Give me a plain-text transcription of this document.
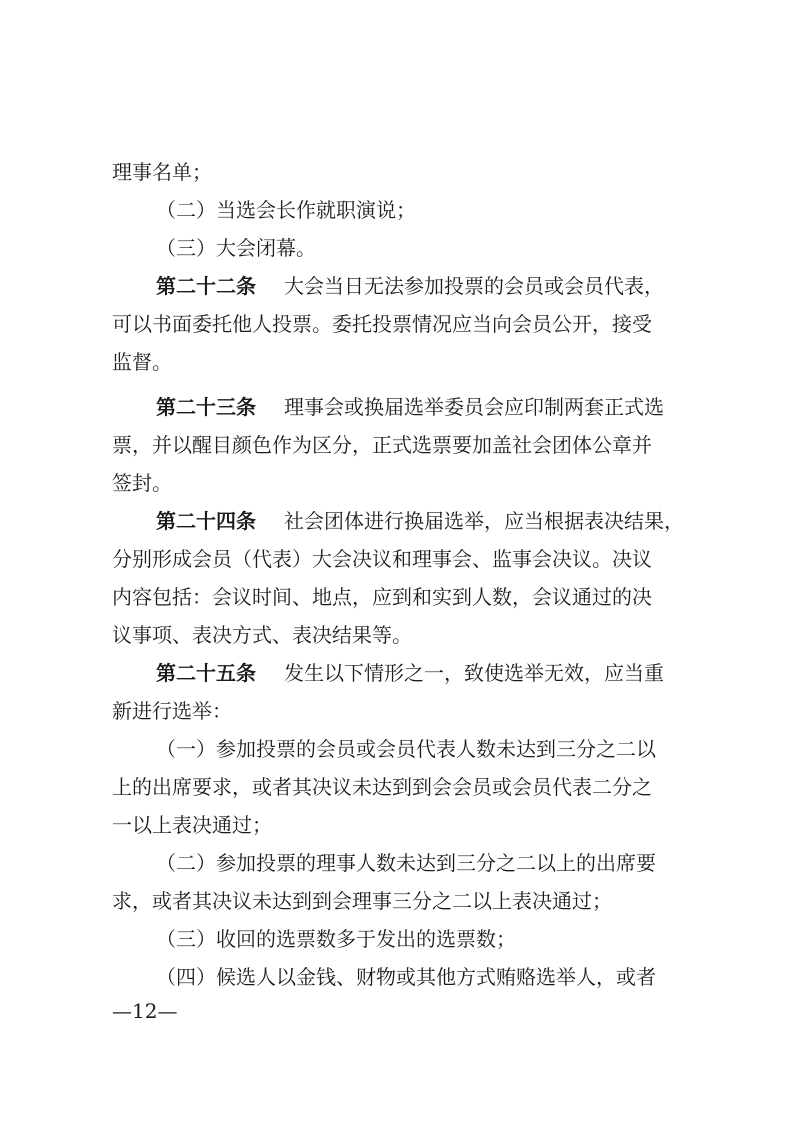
理事名单；
（二）当选会长作就职演说；
（三）大会闭幕。
第二十二条 大会当日无法参加投票的会员或会员代表，
可以书面委托他人投票。委托投票情况应当向会员公开，接受
监督。
第二十三条 理事会或换届选举委员会应印制两套正式选
票，并以醒目颜色作为区分，正式选票要加盖社会团体公章并
签封。
第二十四条 社会团体进行换届选举，应当根据表决结果，
分别形成会员（代表）大会决议和理事会、监事会决议。决议
内容包括：会议时间、地点，应到和实到人数，会议通过的决
议事项、表决方式、表决结果等。
第二十五条 发生以下情形之一，致使选举无效，应当重
新进行选举：
（一）参加投票的会员或会员代表人数未达到三分之二以
上的出席要求，或者其决议未达到到会会员或会员代表二分之
一以上表决通过；
（二）参加投票的理事人数未达到三分之二以上的出席要
求，或者其决议未达到到会理事三分之二以上表决通过；
（三）收回的选票数多于发出的选票数；
（四）候选人以金钱、财物或其他方式贿赂选举人，或者
—12—
